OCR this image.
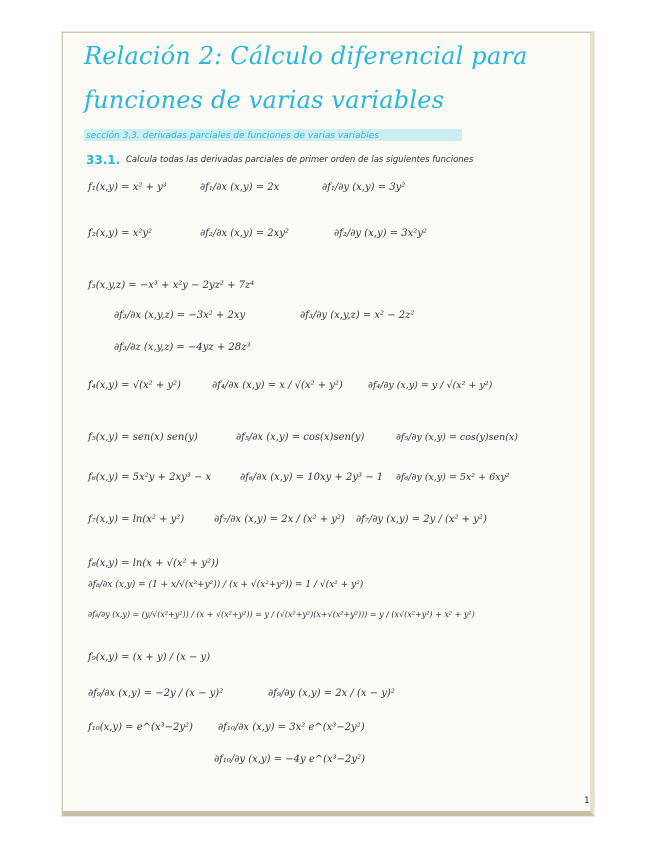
Relación 2: Cálculo diferencial para
funciones de varias variables
sección 3.3. derivadas parciales de funciones de varias variables
33.1. Calcula todas las derivadas parciales de primer orden de las siguientes funciones
f₁(x,y) = x² + y³	∂f₁/∂x (x,y) = 2x	∂f₁/∂y (x,y) = 3y²
f₂(x,y) = x²y²	∂f₂/∂x (x,y) = 2xy²	∂f₂/∂y (x,y) = 3x²y²
f₃(x,y,z) = −x³ + x²y − 2yz² + 7z⁴
∂f₃/∂x (x,y,z) = −3x² + 2xy	∂f₃/∂y (x,y,z) = x² − 2z²
∂f₃/∂z (x,y,z) = −4yz + 28z³
f₄(x,y) = √(x² + y²)	∂f₄/∂x (x,y) = x / √(x² + y²)	∂f₄/∂y (x,y) = y / √(x² + y²)
f₅(x,y) = sen(x) sen(y)	∂f₅/∂x (x,y) = cos(x)sen(y)	∂f₅/∂y (x,y) = cos(y)sen(x)
f₆(x,y) = 5x²y + 2xy³ − x	∂f₆/∂x (x,y) = 10xy + 2y³ − 1 ∂f₆/∂y (x,y) = 5x² + 6xy²
f₇(x,y) = ln(x² + y²)	∂f₇/∂x (x,y) = 2x / (x² + y²) ∂f₇/∂y (x,y) = 2y / (x² + y²)
f₈(x,y) = ln(x + √(x² + y²))
∂f₈/∂x (x,y) = (1 + x/√(x²+y²)) / (x + √(x²+y²)) = 1 / √(x² + y²)
∂f₈/∂y (x,y) = (y/√(x²+y²)) / (x + √(x²+y²)) = y / (√(x²+y²)(x+√(x²+y²))) = y / (x√(x²+y²) + x² + y²)
f₉(x,y) = (x + y) / (x − y)
∂f₉/∂x (x,y) = −2y / (x − y)²	∂f₉/∂y (x,y) = 2x / (x − y)²
f₁₀(x,y) = e^(x³−2y²)	∂f₁₀/∂x (x,y) = 3x² e^(x³−2y²)
∂f₁₀/∂y (x,y) = −4y e^(x³−2y²)
1
